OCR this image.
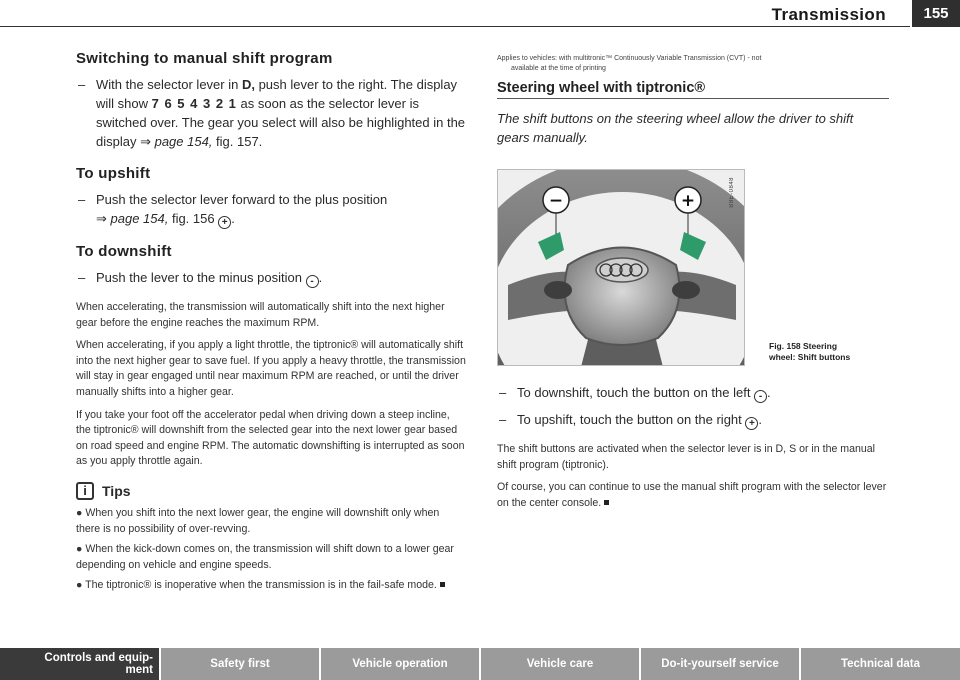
Transmission	155
Switching to manual shift program
– With the selector lever in D, push lever to the right. The display will show 7 6 5 4 3 2 1 as soon as the selector lever is switched over. The gear you select will also be highlighted in the display ⇒ page 154, fig. 157.
To upshift
– Push the selector lever forward to the plus position
⇒ page 154, fig. 156 + .
To downshift
– Push the lever to the minus position - .

When accelerating, the transmission will automatically shift into the next higher gear before the engine reaches the maximum RPM.

When accelerating, if you apply a light throttle, the tiptronic® will automatically shift into the next higher gear to save fuel. If you apply a heavy throttle, the transmission will stay in gear engaged until near maximum RPM are reached, or until the driver manually shifts into a higher gear.

If you take your foot off the accelerator pedal when driving down a steep incline, the tiptronic® will downshift from the selected gear into the next lower gear based on road speed and engine RPM. The automatic downshifting is interrupted as soon as you apply throttle again.

i	Tips

● When you shift into the next lower gear, the engine will downshift only when there is no possibility of over-revving.

● When the kick-down comes on, the transmission will shift down to a lower gear depending on vehicle and engine speeds.

● The tiptronic® is inoperative when the transmission is in the fail-safe mode.

Applies to vehicles: with multitronic™ Continuously Variable Transmission (CVT) - not
available at the time of printing
Steering wheel with tiptronic®

The shift buttons on the steering wheel allow the driver to shift gears manually.

−	+	B8E-0848
Fig. 158 Steering
wheel: Shift buttons
– To downshift, touch the button on the left - .
– To upshift, touch the button on the right + .

The shift buttons are activated when the selector lever is in D, S or in the manual shift program (tiptronic).

Of course, you can continue to use the manual shift program with the selector lever on the center console.

Controls and equip-
ment	Safety first	Vehicle operation	Vehicle care	Do-it-yourself service	Technical data
